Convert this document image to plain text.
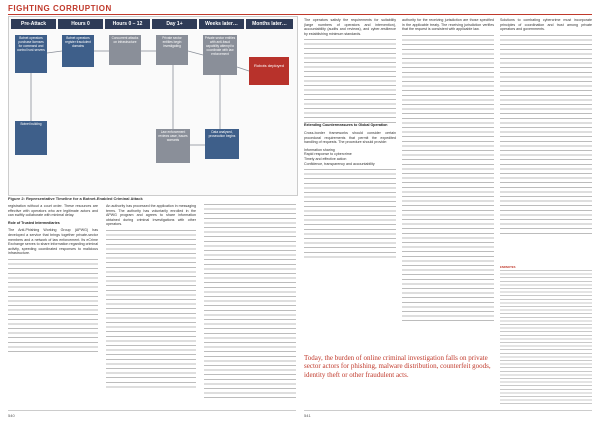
FIGHTING CORRUPTION
Pre-Attack	Hours 0	Hours 0 – 12	Day 1+	Weeks later…	Months later…
Botnet operators purchase licenses for command and control host servers
Botnet operators register fraudulent domains
Concurrent attacks on infrastructure
Private sector entities begin investigating
Private sector entities with anti-fraud capability attempt to coordinate with law enforcement
Robots deployed
Botnet building
Law enforcement reviews case, issues warrants
Data analysed, prosecution begins
Figure 2: Representative Timeline for a Botnet-Enabled Criminal Attack

registration without a court order. These resources are effective with operators who are legitimate actors and can swiftly collaborate with minimal delay.

Role of Trusted Intermediaries

The Anti-Phishing Working Group (APWG) has developed a service that brings together private-sector members and a network of law enforcement. Its eCrime Exchange serves to share information regarding criminal activity, speeding coordinated responses to malicious infrastructure.

An authority has processed the application in messaging terms. The authority has voluntarily enrolled in the APWG program and agrees to share information obtained during criminal investigations with other operators.

The operators satisfy the requirements for suitability (large numbers of operators and intervention), accountability (audits and reviews), and cyber-resilience by establishing minimum standards.

Extending Countermeasures to Global Operation

Cross-border frameworks should consider certain procedural requirements that permit the expedited handling of requests. The procedure should provide:

Information sharing
Rapid response to cybercrime
Timely and effective action
Confidence, transparency and accountability

authority for the receiving jurisdiction are those specified in the applicable treaty. The receiving jurisdiction verifies that the request is consistent with applicable law.

Solutions to combating cybercrime must incorporate principles of coordination and trust among private operators and governments.

Today, the burden of online criminal investigation falls on private sector actors for phishing, malware distribution, counterfeit goods, identity theft or other fraudulent acts.
ENDNOTES
540	541
